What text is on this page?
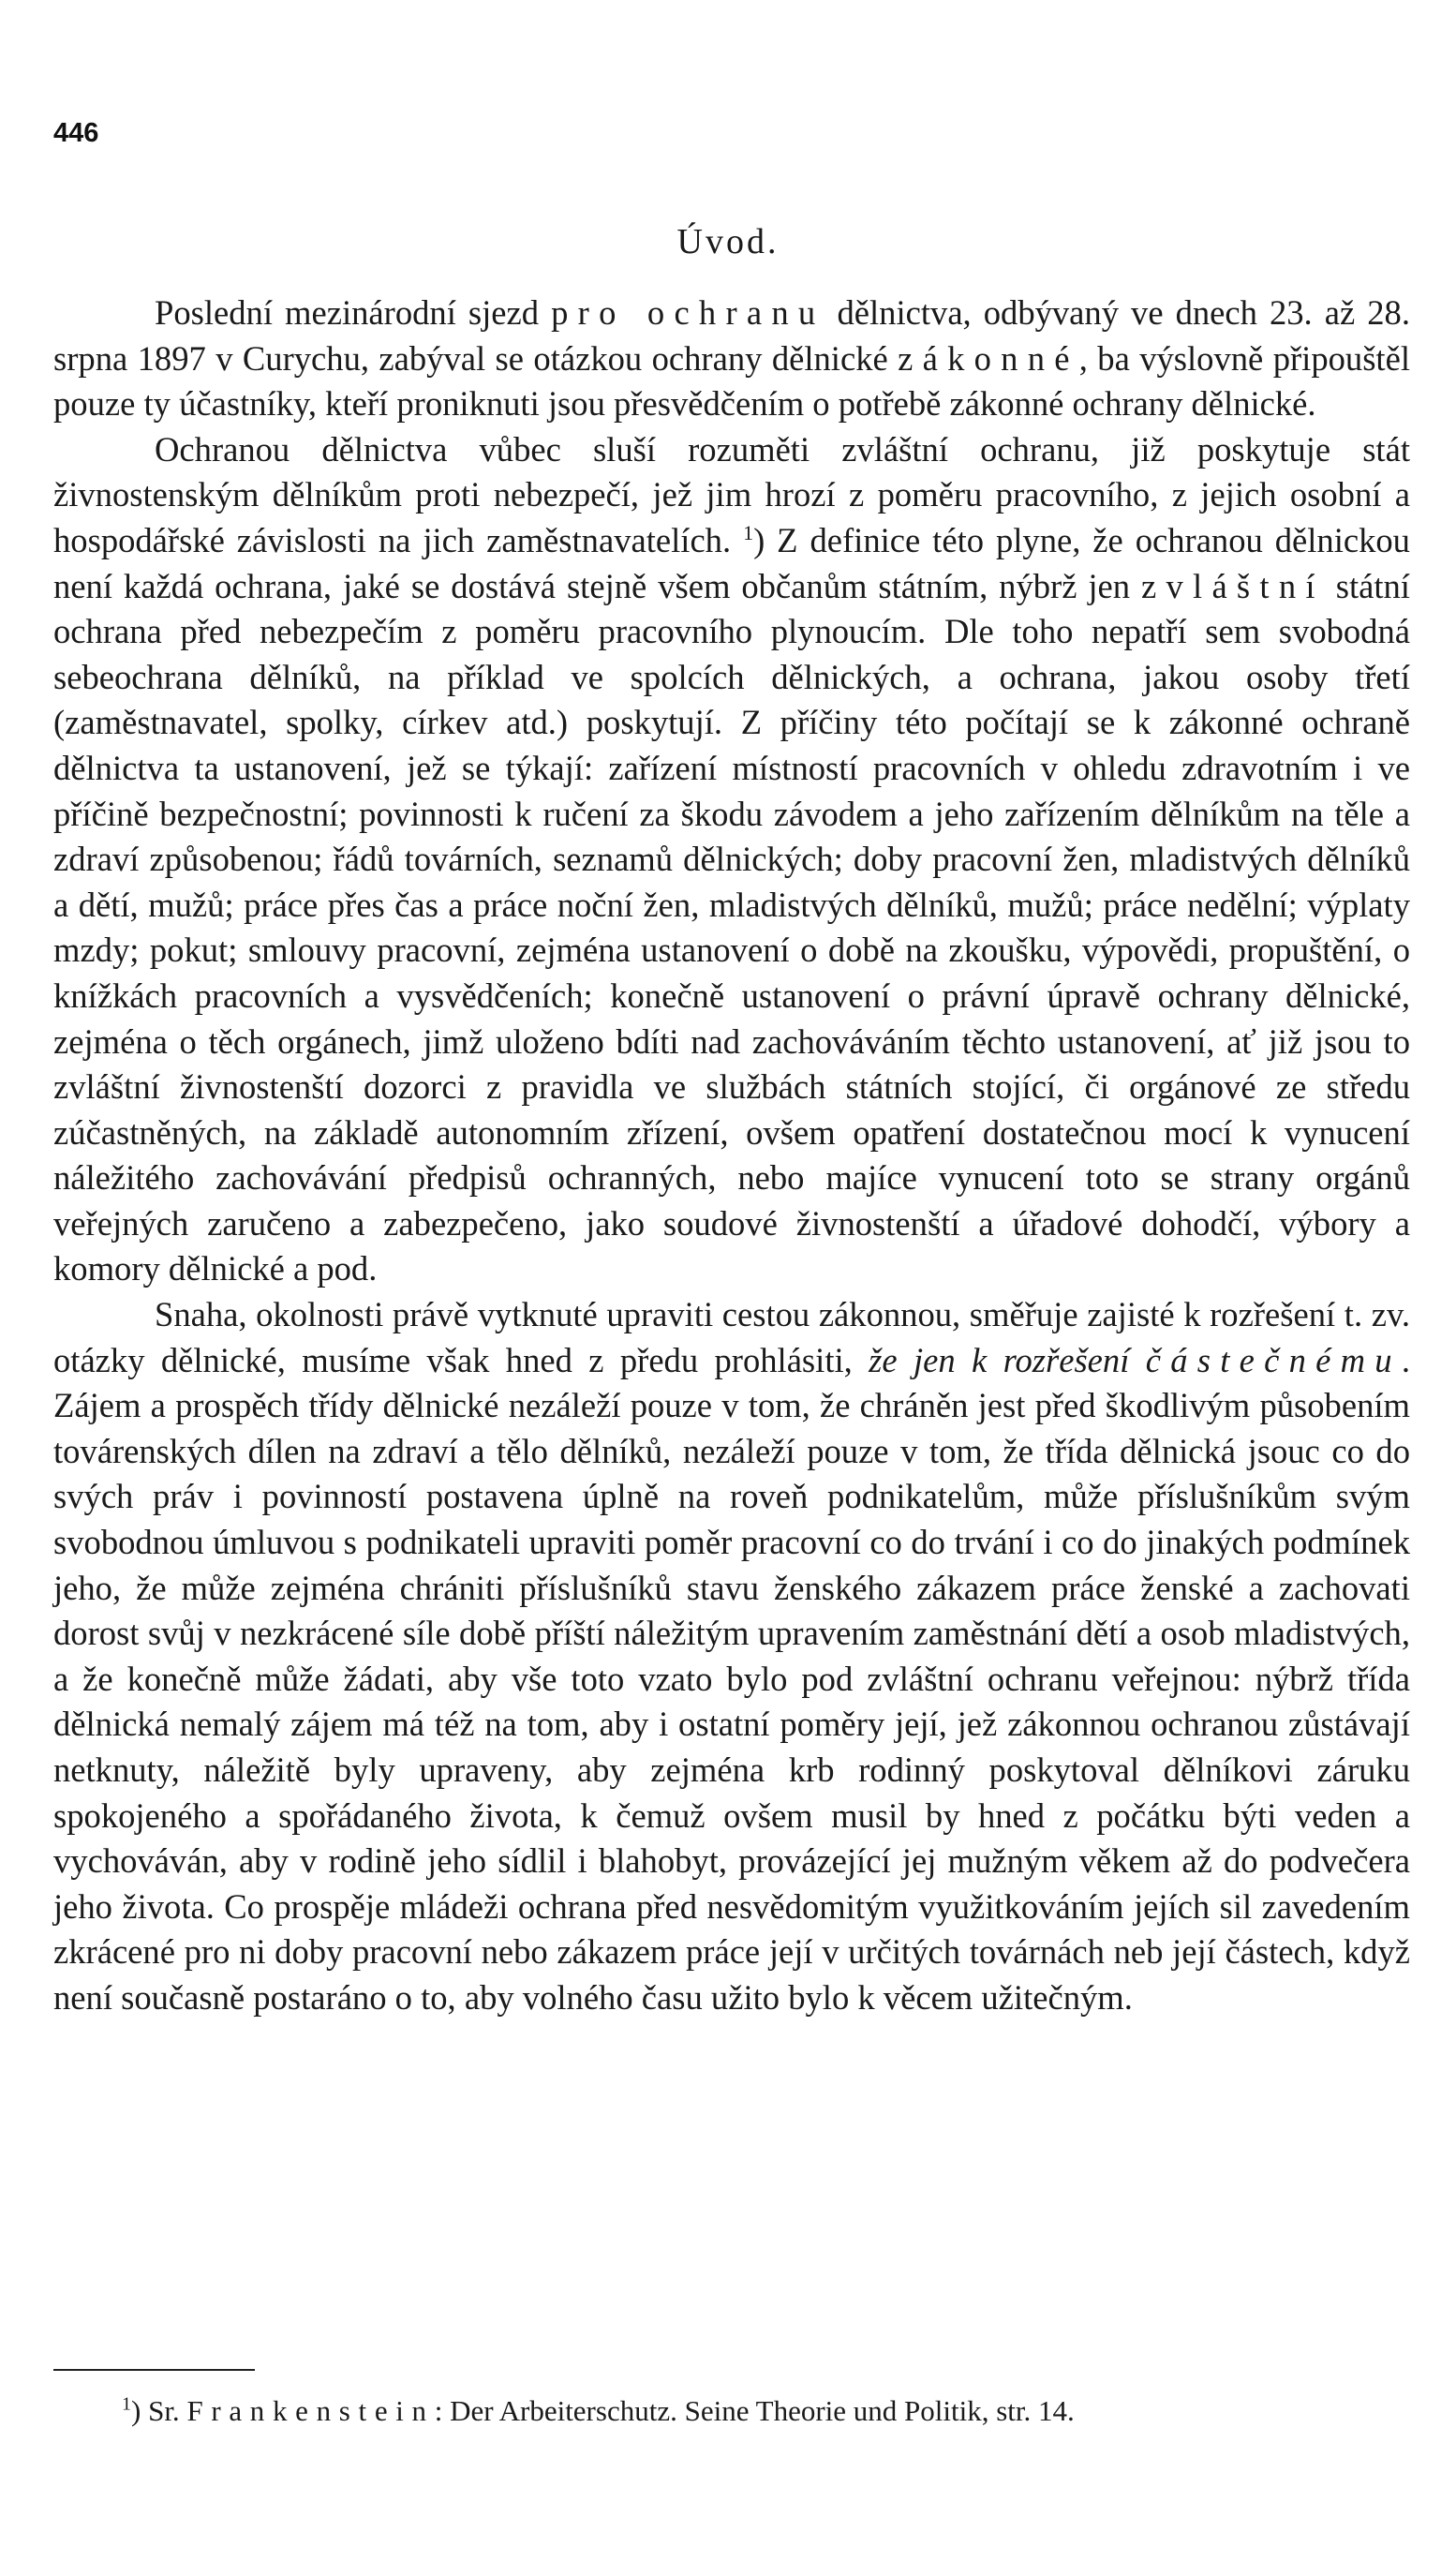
446
Úvod.

Poslední mezinárodní sjezd pro ochranu dělnictva, odbývaný ve dnech 23. až 28. srpna 1897 v Curychu, zabýval se otázkou ochrany dělnické zákonné, ba výslovně připouštěl pouze ty účastníky, kteří proniknuti jsou přesvědčením o potřebě zákonné ochrany dělnické.

Ochranou dělnictva vůbec sluší rozuměti zvláštní ochranu, již poskytuje stát živnostenským dělníkům proti nebezpečí, jež jim hrozí z poměru pracovního, z jejich osobní a hospodářské závislosti na jich zaměstnavatelích. $^1$) Z definice této plyne, že ochranou dělnickou není každá ochrana, jaké se dostává stejně všem občanům státním, nýbrž jen zvláštní státní ochrana před nebezpečím z poměru pracovního plynoucím. Dle toho nepatří sem svobodná sebeochrana dělníků, na příklad ve spolcích dělnických, a ochrana, jakou osoby třetí (zaměstnavatel, spolky, církev atd.) poskytují. Z příčiny této počítají se k zákonné ochraně dělnictva ta ustanovení, jež se týkají: zařízení místností pracovních v ohledu zdravotním i ve příčině bezpečnostní; povinnosti k ručení za škodu závodem a jeho zařízením dělníkům na těle a zdraví způsobenou; řádů továrních, seznamů dělnických; doby pracovní žen, mladistvých dělníků a dětí, mužů; práce přes čas a práce noční žen, mladistvých dělníků, mužů; práce nedělní; výplaty mzdy; pokut; smlouvy pracovní, zejména ustanovení o době na zkoušku, výpovědi, propuštění, o knížkách pracovních a vysvědčeních; konečně ustanovení o právní úpravě ochrany dělnické, zejména o těch orgánech, jimž uloženo bdíti nad zachováváním těchto ustanovení, ať již jsou to zvláštní živnostenští dozorci z pravidla ve službách státních stojící, či orgánové ze středu zúčastněných, na základě autonomním zřízení, ovšem opatření dostatečnou mocí k vynucení náležitého zachovávání předpisů ochranných, nebo majíce vynucení toto se strany orgánů veřejných zaručeno a zabezpečeno, jako soudové živnostenští a úřadové dohodčí, výbory a komory dělnické a pod.

Snaha, okolnosti právě vytknuté upraviti cestou zákonnou, směřuje zajisté k rozřešení t. zv. otázky dělnické, musíme však hned z předu prohlásiti, že jen k rozřešení částečnému. Zájem a prospěch třídy dělnické nezáleží pouze v tom, že chráněn jest před škodlivým působením továrenských dílen na zdraví a tělo dělníků, nezáleží pouze v tom, že třída dělnická jsouc co do svých práv i povinností postavena úplně na roveň podnikatelům, může příslušníkům svým svobodnou úmluvou s podnikateli upraviti poměr pracovní co do trvání i co do jinakých podmínek jeho, že může zejména chrániti příslušníků stavu ženského zákazem práce ženské a zachovati dorost svůj v nezkrácené síle době příští náležitým upravením zaměstnání dětí a osob mladistvých, a že konečně může žádati, aby vše toto vzato bylo pod zvláštní ochranu veřejnou: nýbrž třída dělnická nemalý zájem má též na tom, aby i ostatní poměry její, jež zákonnou ochranou zůstávají netknuty, náležitě byly upraveny, aby zejména krb rodinný poskytoval dělníkovi záruku spokojeného a spořádaného života, k čemuž ovšem musil by hned z počátku býti veden a vychováván, aby v rodině jeho sídlil i blahobyt, provázející jej mužným věkem až do podvečera jeho života. Co prospěje mládeži ochrana před nesvědomitým využitkováním jejích sil zavedením zkrácené pro ni doby pracovní nebo zákazem práce její v určitých továrnách neb její částech, když není současně postaráno o to, aby volného času užito bylo k věcem užitečným.

$^1$) Sr. Frankenstein: Der Arbeiterschutz. Seine Theorie und Politik, str. 14.
